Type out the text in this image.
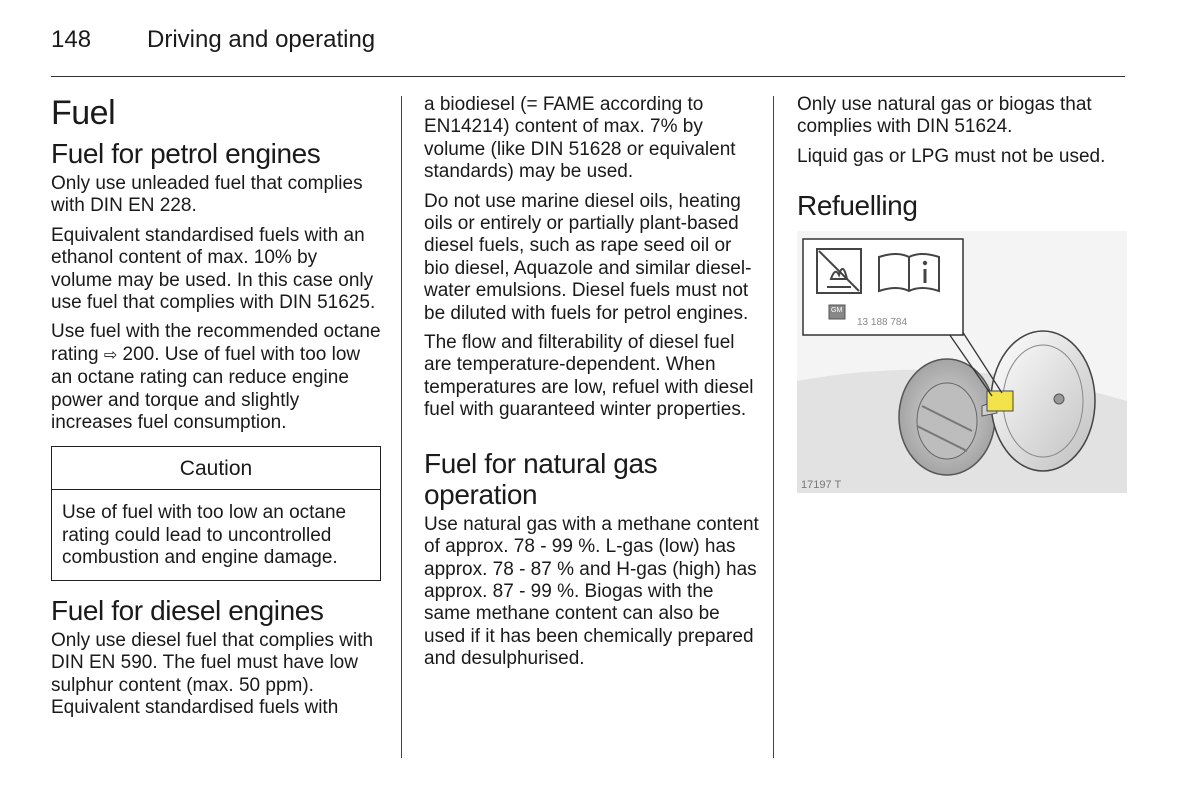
148 Driving and operating
Fuel
Fuel for petrol engines

Only use unleaded fuel that complies with DIN EN 228.

Equivalent standardised fuels with an ethanol content of max. 10% by volume may be used. In this case only use fuel that complies with DIN 51625.

Use fuel with the recommended octane rating ⇨ 200. Use of fuel with too low an octane rating can reduce engine power and torque and slightly increases fuel consumption.

Caution
Use of fuel with too low an octane rating could lead to uncontrolled combustion and engine damage.
Fuel for diesel engines

Only use diesel fuel that complies with DIN EN 590. The fuel must have low sulphur content (max. 50 ppm). Equivalent standardised fuels with

a biodiesel (= FAME according to EN14214) content of max. 7% by volume (like DIN 51628 or equivalent standards) may be used.

Do not use marine diesel oils, heating oils or entirely or partially plant-based diesel fuels, such as rape seed oil or bio diesel, Aquazole and similar diesel-water emulsions. Diesel fuels must not be diluted with fuels for petrol engines.

The flow and filterability of diesel fuel are temperature-dependent. When temperatures are low, refuel with diesel fuel with guaranteed winter properties.

Fuel for natural gas operation

Use natural gas with a methane content of approx. 78 - 99 %. L-gas (low) has approx. 78 - 87 % and H-gas (high) has approx. 87 - 99 %. Biogas with the same methane content can also be used if it has been chemically prepared and desulphurised.

Only use natural gas or biogas that complies with DIN 51624.

Liquid gas or LPG must not be used.

Refuelling
13 188 784
GM
17197 T
